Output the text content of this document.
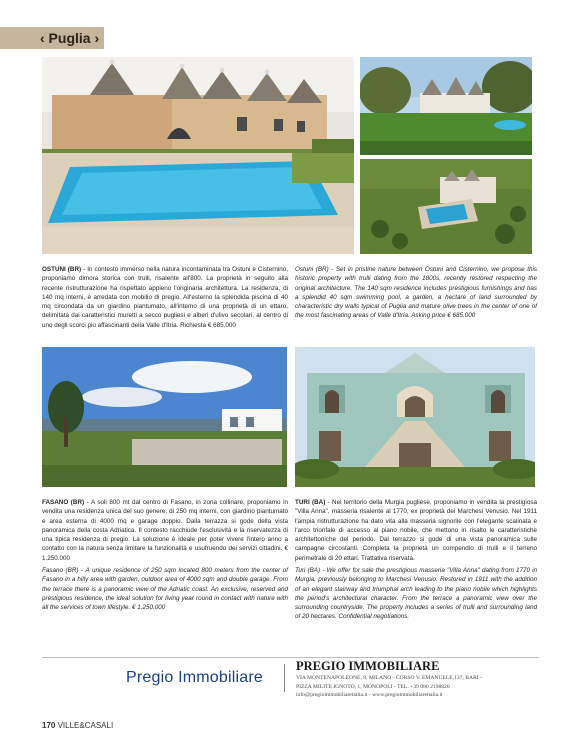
‹ Puglia ›
OSTUNI (BR) - In contesto immerso nella natura incontaminata tra Ostuni e Cisternino, proponiamo dimora storica con trulli, risalente all'800. La proprietà in seguito alla recente ristrutturazione ha rispettato appieno l'originaria architettura. La residenza, di 140 mq interni, è arredata con mobilio di pregio. All'esterno la splendida piscina di 40 mq circondata da un giardino piantumato, all'interno di una proprietà di un ettaro, delimitata dai caratteristici muretti a secco pugliesi e alberi d'ulivo secolari, al centro di uno degli scorci più affascinanti della Valle d'Itria. Richiesta € 685.000
Ostuni (BR) - Set in pristine nature between Ostuni and Cisternino, we propose this historic property with trulli dating from the 1800s, recently restored respecting the original architecture. The 140 sqm residence includes prestigious furnishings and has a splendid 40 sqm swimming pool, a garden, a hectare of land surrounded by characteristic dry walls typical of Puglia and mature olive trees in the center of one of the most fascinating areas of Valle d'Itria. Asking price € 685.000
FASANO (BR) - A soli 800 mt dal centro di Fasano, in zona collinare, proponiamo in vendita una residenza unica del suo genere, di 250 mq interni, con giardino piantumato e area esterna di 4000 mq e garage doppio. Dalla terrazza si gode della vista panoramica della costa Adriatica. Il contesto racchiude l'esclusività e la riservatezza di una tipica residenza di pregio. La soluzione è ideale per poter vivere l'intero anno a contatto con la natura senza limitare la funzionalità e usufruendo dei servizi cittadini. € 1.250.000
Fasano (BR) - A unique residence of 250 sqm located 800 meters from the center of Fasano in a hilly area with garden, outdoor area of 4000 sqm and double garage. From the terrace there is a panoramic view of the Adriatic coast. An exclusive, reserved and prestigious residence, the ideal solution for living year round in contact with nature with all the services of town lifestyle. € 1.250.000
TURI (BA) - Nel territorio della Murgia pugliese, proponiamo in vendita la prestigiosa "Villa Anna", masseria risalente al 1770, ex proprietà dei Marchesi Venusio. Nel 1911 l'ampia ristrutturazione ha dato vita alla masseria signorile con l'elegante scalinata e l'arco trionfale di accesso al piano nobile, che mettono in risalto le caratteristiche architettoniche del periodo. Dal terrazzo si gode di una vista panoramica sulle campagne circostanti. Completa la proprietà un compendio di trulli e il terreno perimetrale di 20 ettari. Trattativa riservata.
Turi (BA) - We offer for sale the prestigious masseria "Villa Anna" dating from 1770 in Murgia, previously belonging to Marchesi Venusio. Restored in 1911 with the addition of an elegant stairway and triumphal arch leading to the piano nobile which highlights the period's architectural character. From the terrace a panoramic view over the surrounding countryside. The property includes a series of trulli and surrounding land of 20 hectares. Confidential negotiations.
Pregio Immobiliare
PREGIO IMMOBILIARE
VIA MONTENAPOLEONE, 8, MILANO - CORSO V. EMANUELE,137, BARI -
PIZZA MILITE IGNOTO, 1, MONOPOLI - TEL. +39 080 2198820
info@pregioimmobiliareitalia.it - www.pregioimmobiliareitalia.it
170 VILLE&CASALI
